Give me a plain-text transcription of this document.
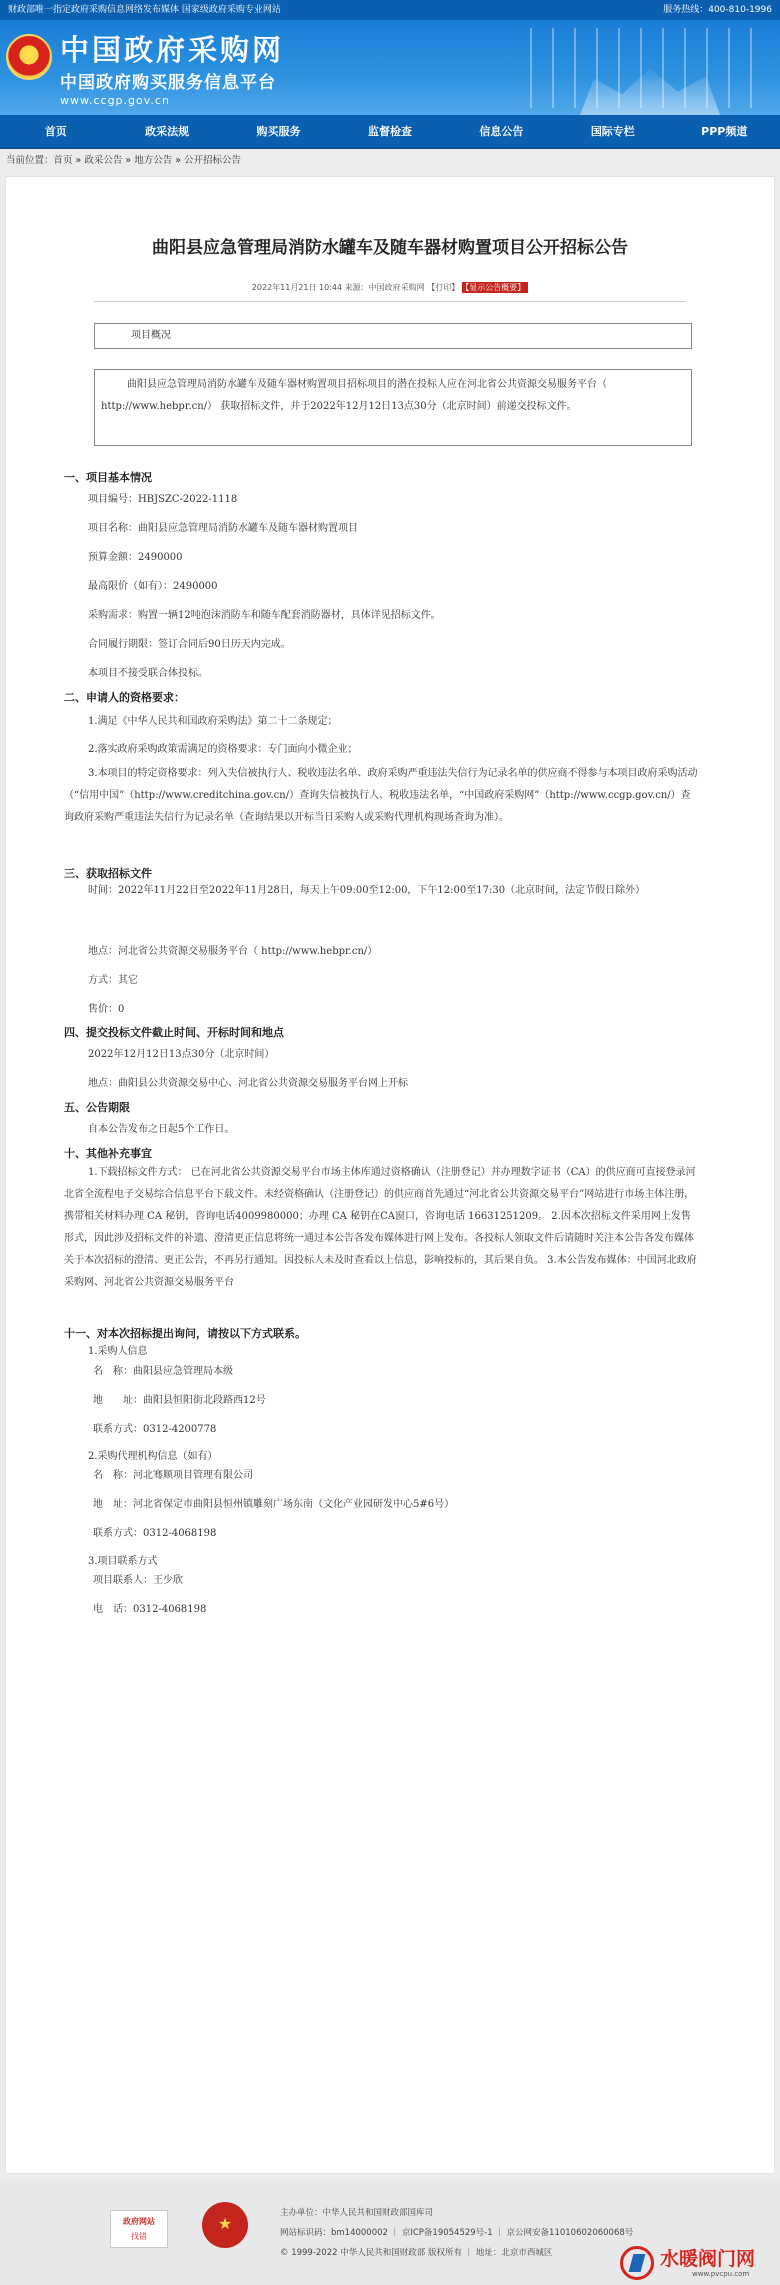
财政部唯一指定政府采购信息网络发布媒体 国家级政府采购专业网站	服务热线：400-810-1996
★
中国政府采购网
中国政府购买服务信息平台
www.ccgp.gov.cn
首页	政采法规	购买服务	监督检查	信息公告	国际专栏	PPP频道
当前位置：首页 » 政采公告 » 地方公告 » 公开招标公告
曲阳县应急管理局消防水罐车及随车器材购置项目公开招标公告
2022年11月21日 10:44 来源：中国政府采购网 【打印】 【显示公告概要】
项目概况
曲阳县应急管理局消防水罐车及随车器材购置项目招标项目的潜在投标人应在河北省公共资源交易服务平台（ http://www.hebpr.cn/） 获取招标文件，并于2022年12月12日13点30分（北京时间）前递交投标文件。
一、项目基本情况
项目编号：HBJSZC-2022-1118
项目名称：曲阳县应急管理局消防水罐车及随车器材购置项目
预算金额：2490000
最高限价（如有）：2490000
采购需求：购置一辆12吨泡沫消防车和随车配套消防器材，具体详见招标文件。
合同履行期限：签订合同后90日历天内完成。
本项目不接受联合体投标。
二、申请人的资格要求：
1.满足《中华人民共和国政府采购法》第二十二条规定；
2.落实政府采购政策需满足的资格要求：专门面向小微企业；
3.本项目的特定资格要求：列入失信被执行人、税收违法名单、政府采购严重违法失信行为记录名单的供应商不得参与本项目政府采购活动（“信用中国”（http://www.creditchina.gov.cn/）查询失信被执行人、税收违法名单，“中国政府采购网”（http://www.ccgp.gov.cn/）查询政府采购严重违法失信行为记录名单（查询结果以开标当日采购人或采购代理机构现场查询为准）。
三、获取招标文件
时间：2022年11月22日至2022年11月28日，每天上午09:00至12:00，下午12:00至17:30（北京时间，法定节假日除外）
地点：河北省公共资源交易服务平台（ http://www.hebpr.cn/）
方式：其它
售价：0
四、提交投标文件截止时间、开标时间和地点
2022年12月12日13点30分（北京时间）
地点：曲阳县公共资源交易中心、河北省公共资源交易服务平台网上开标
五、公告期限
自本公告发布之日起5个工作日。
十、其他补充事宜
1.下载招标文件方式： 已在河北省公共资源交易平台市场主体库通过资格确认（注册登记）并办理数字证书（CA）的供应商可直接登录河北省全流程电子交易综合信息平台下载文件。未经资格确认（注册登记）的供应商首先通过“河北省公共资源交易平台”网站进行市场主体注册，携带相关材料办理 CA 秘钥，咨询电话4009980000；办理 CA 秘钥在CA窗口，咨询电话 16631251209。 2.因本次招标文件采用网上发售形式，因此涉及招标文件的补遗、澄清更正信息将统一通过本公告各发布媒体进行网上发布。各投标人领取文件后请随时关注本公告各发布媒体关于本次招标的澄清、更正公告，不再另行通知。因投标人未及时查看以上信息，影响投标的，其后果自负。 3.本公告发布媒体：中国河北政府采购网、河北省公共资源交易服务平台
十一、对本次招标提出询问，请按以下方式联系。
1.采购人信息
名　称：曲阳县应急管理局本级
地　　址：曲阳县恒阳街北段路西12号
联系方式：0312-4200778
2.采购代理机构信息（如有）
名　称：河北骞顺项目管理有限公司
地　址：河北省保定市曲阳县恒州镇雕刻广场东南（文化产业园研发中心5#6号）
联系方式：0312-4068198
3.项目联系方式
项目联系人：王少欣
电　话：0312-4068198
政府网站
找错
★
主办单位：中华人民共和国财政部国库司
网站标识码：bm14000002 ｜ 京ICP备19054529号-1 ｜ 京公网安备11010602060068号
© 1999-2022 中华人民共和国财政部 版权所有 ｜ 地址：北京市西城区	水暖阀门网
www.pvcpu.com
